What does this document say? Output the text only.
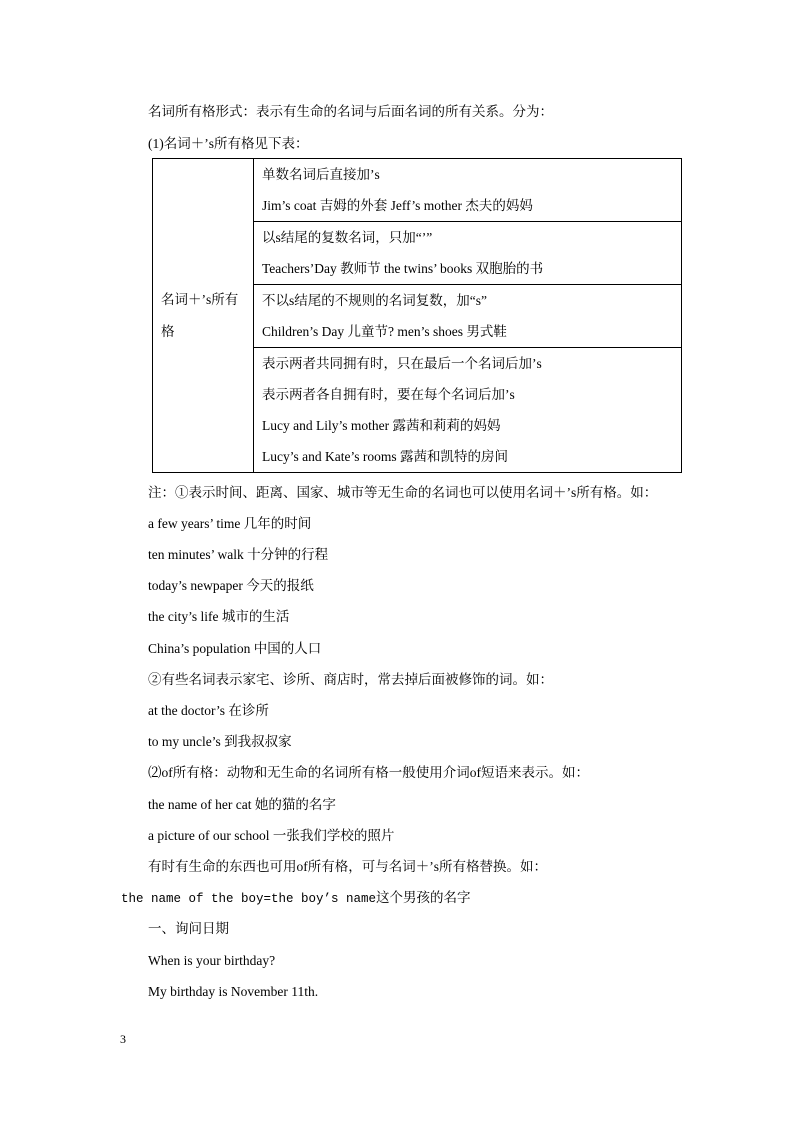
名词所有格形式：表示有生命的名词与后面名词的所有关系。分为：
(1)名词＋’s所有格见下表：
名词＋’s所有格	
单数名词后直接加’s
Jim’s coat 吉姆的外套 Jeff’s mother 杰夫的妈妈

以s结尾的复数名词，只加“’”
Teachers’Day 教师节 the twins’ books 双胞胎的书

不以s结尾的不规则的名词复数，加“s”
Children’s Day 儿童节? men’s shoes 男式鞋

表示两者共同拥有时，只在最后一个名词后加’s
表示两者各自拥有时，要在每个名词后加’s
Lucy and Lily’s mother 露茜和莉莉的妈妈
Lucy’s and Kate’s rooms 露茜和凯特的房间
注：①表示时间、距离、国家、城市等无生命的名词也可以使用名词＋’s所有格。如：
a few years’ time 几年的时间
ten minutes’ walk 十分钟的行程
today’s newpaper 今天的报纸
the city’s life 城市的生活
China’s population 中国的人口
②有些名词表示家宅、诊所、商店时，常去掉后面被修饰的词。如：
at the doctor’s 在诊所
to my uncle’s 到我叔叔家
⑵of所有格：动物和无生命的名词所有格一般使用介词of短语来表示。如：
the name of her cat 她的猫的名字
a picture of our school 一张我们学校的照片
有时有生命的东西也可用of所有格，可与名词＋’s所有格替换。如：
the name of the boy=the boy’s name这个男孩的名字
一、询问日期
When is your birthday?
My birthday is November 11th.
3
